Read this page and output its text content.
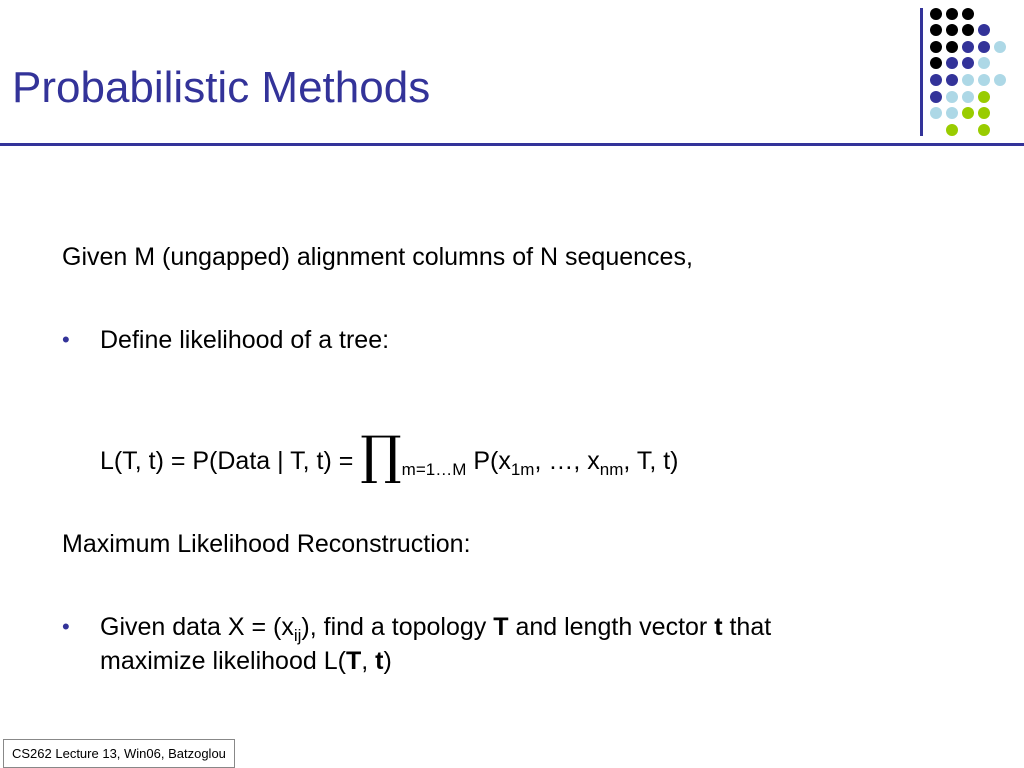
Probabilistic Methods
Given M (ungapped) alignment columns of N sequences,
• Define likelihood of a tree:
L(T, t) = P(Data | T, $t) = \prod_{m=1\dots M}$ $P(x_{1m}$, …, $x_{nm}$, T, t)
Maximum Likelihood Reconstruction:
• Given data $X = (x_{ij})$, find a topology T and length vector t that
maximize likelihood L(T, t)
CS262 Lecture 13, Win06, Batzoglou
